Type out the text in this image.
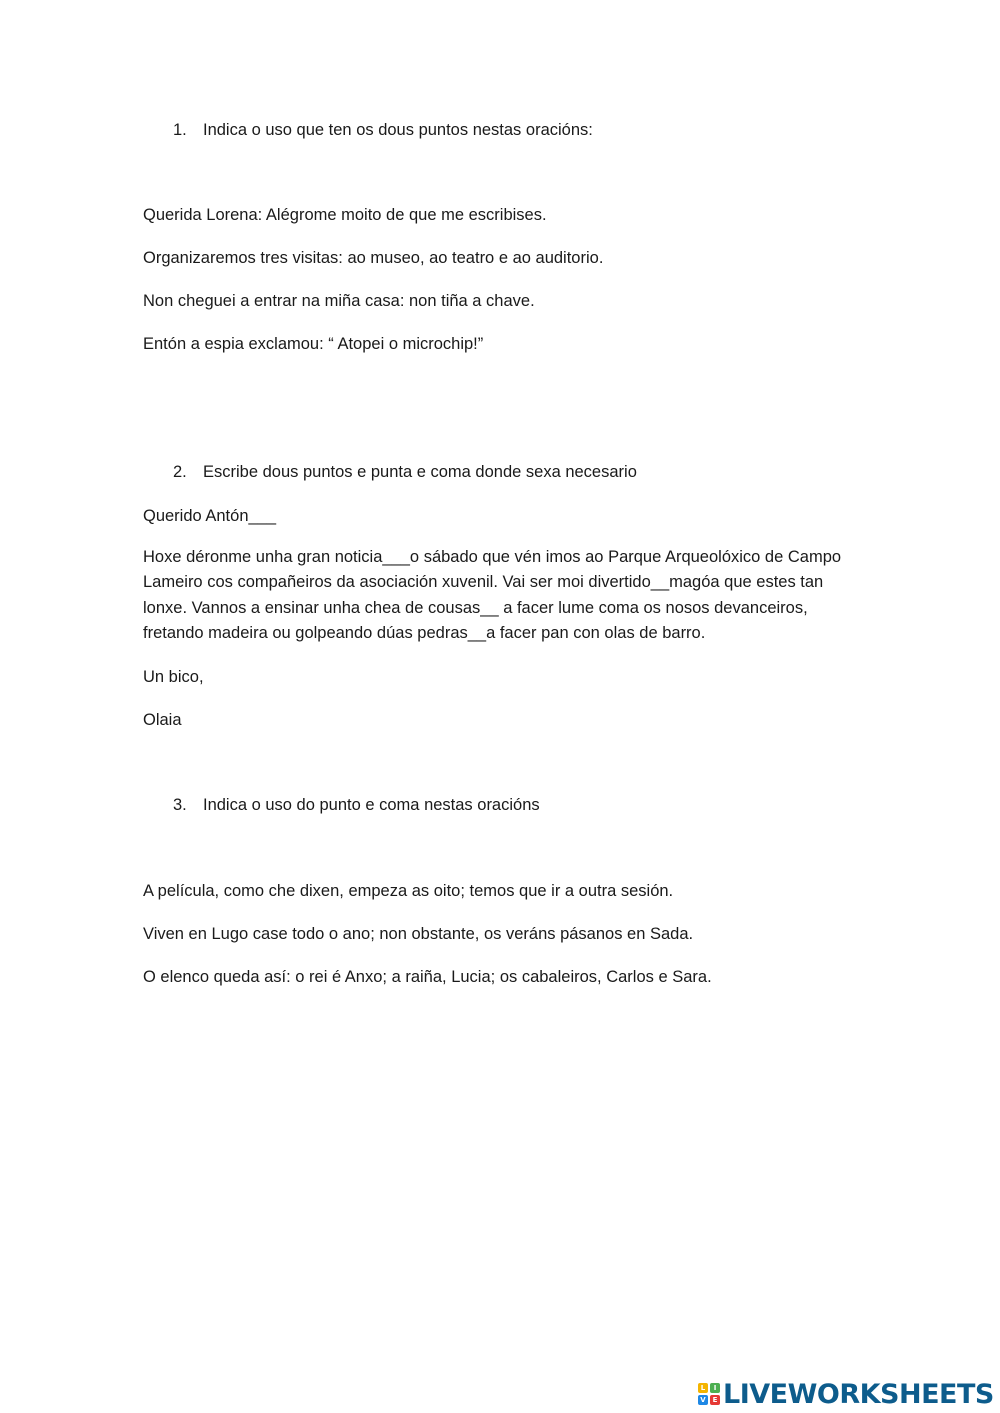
1. Indica o uso que ten os dous puntos nestas oracións:
Querida Lorena: Alégrome moito de que me escribises.
Organizaremos tres visitas: ao museo, ao teatro e ao auditorio.
Non cheguei a entrar na miña casa: non tiña a chave.
Entón a espia exclamou: “ Atopei o microchip!”
2. Escribe dous puntos e punta e coma donde sexa necesario
Querido Antón___
Hoxe déronme unha gran noticia___o sábado que vén imos ao Parque Arqueolóxico de Campo
Lameiro cos compañeiros da asociación xuvenil. Vai ser moi divertido__magóa que estes tan
lonxe. Vannos a ensinar unha chea de cousas__ a facer lume coma os nosos devanceiros,
fretando madeira ou golpeando dúas pedras__a facer pan con olas de barro.
Un bico,
Olaia
3. Indica o uso do punto e coma nestas oracións
A película, como che dixen, empeza as oito; temos que ir a outra sesión.
Viven en Lugo case todo o ano; non obstante, os veráns pásanos en Sada.
O elenco queda así: o rei é Anxo; a raiña, Lucia; os cabaleiros, Carlos e Sara.
L	I
V E LIVEWORKSHEETS
